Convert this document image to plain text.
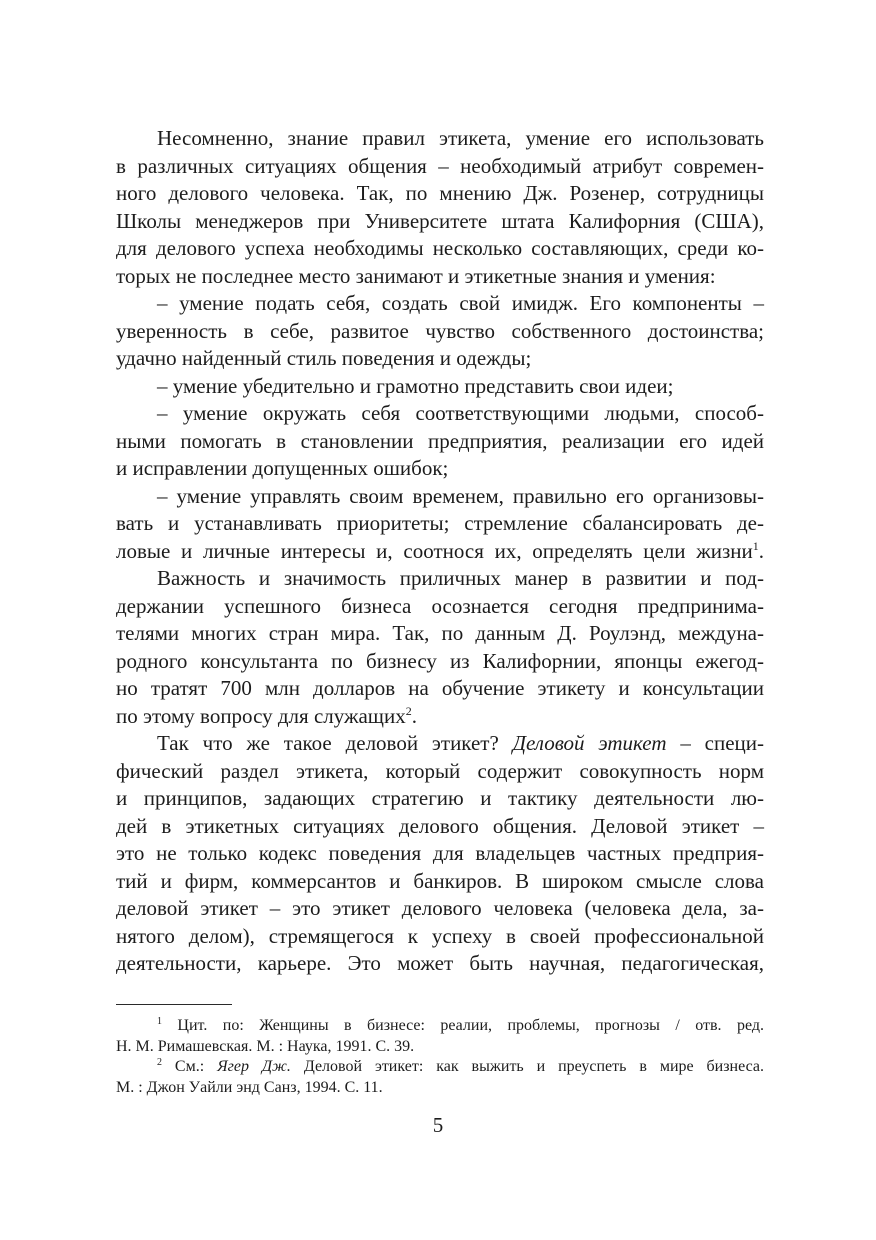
Несомненно, знание правил этикета, умение его использовать
в различных ситуациях общения – необходимый атрибут современ-
ного делового человека. Так, по мнению Дж. Розенер, сотрудницы
Школы менеджеров при Университете штата Калифорния (США),
для делового успеха необходимы несколько составляющих, среди ко-
торых не последнее место занимают и этикетные знания и умения:
– умение подать себя, создать свой имидж. Его компоненты –
уверенность в себе, развитое чувство собственного достоинства;
удачно найденный стиль поведения и одежды;
– умение убедительно и грамотно представить свои идеи;
– умение окружать себя соответствующими людьми, способ-
ными помогать в становлении предприятия, реализации его идей
и исправлении допущенных ошибок;
– умение управлять своим временем, правильно его организовы-
вать и устанавливать приоритеты; стремление сбалансировать де-
ловые и личные интересы и, соотнося их, определять цели жизни$^1$.
Важность и значимость приличных манер в развитии и под-
держании успешного бизнеса осознается сегодня предпринима-
телями многих стран мира. Так, по данным Д. Роулэнд, междуна-
родного консультанта по бизнесу из Калифорнии, японцы ежегод-
но тратят 700 млн долларов на обучение этикету и консультации
по этому вопросу для служащих$^2$.
Так что же такое деловой этикет? Деловой этикет – специ-
фический раздел этикета, который содержит совокупность норм
и принципов, задающих стратегию и тактику деятельности лю-
дей в этикетных ситуациях делового общения. Деловой этикет –
это не только кодекс поведения для владельцев частных предприя-
тий и фирм, коммерсантов и банкиров. В широком смысле слова
деловой этикет – это этикет делового человека (человека дела, за-
нятого делом), стремящегося к успеху в своей профессиональной
деятельности, карьере. Это может быть научная, педагогическая,
$^1$ Цит. по: Женщины в бизнесе: реалии, проблемы, прогнозы / отв. ред.
Н. М. Римашевская. М. : Наука, 1991. С. 39.
$^2$ См.: Ягер Дж. Деловой этикет: как выжить и преуспеть в мире бизнеса.
М. : Джон Уайли энд Санз, 1994. С. 11.
5
